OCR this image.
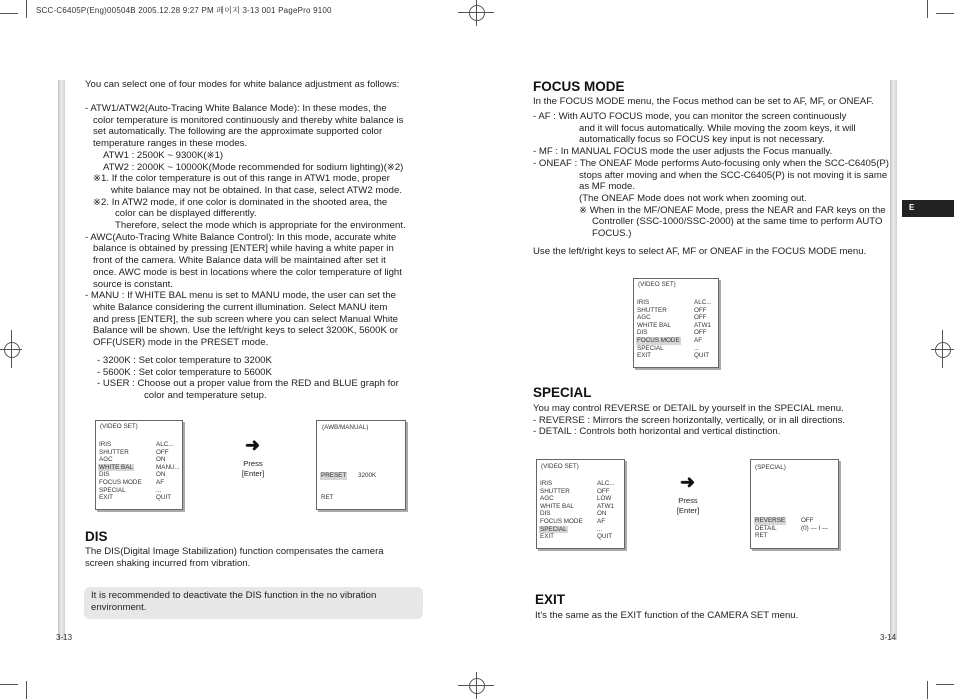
SCC-C6405P(Eng)00504B 2005.12.28 9:27 PM 페이지 3-13 001 PagePro 9100
E
You can select one of four modes for white balance adjustment as follows:
- ATW1/ATW2(Auto-Tracing White Balance Mode): In these modes, the
color temperature is monitored continuously and thereby white balance is
set automatically. The following are the approximate supported color
temperature ranges in these modes.
ATW1 : 2500K ~ 9300K(※1)
ATW2 : 2000K ~ 10000K(Mode recommended for sodium lighting)(※2)
※1. If the color temperature is out of this range in ATW1 mode, proper
white balance may not be obtained. In that case, select ATW2 mode.
※2. In ATW2 mode, if one color is dominated in the shooted area, the
color can be displayed differently.
Therefore, select the mode which is appropriate for the environment.
- AWC(Auto-Tracing White Balance Control): In this mode, accurate white
balance is obtained by pressing [ENTER] while having a white paper in
front of the camera. White Balance data will be maintained after set it
once. AWC mode is best in locations where the color temperature of light
source is constant.
- MANU : If WHITE BAL menu is set to MANU mode, the user can set the
white Balance considering the current illumination. Select MANU item
and press [ENTER], the sub screen where you can select Manual White
Balance will be shown. Use the left/right keys to select 3200K, 5600K or
OFF(USER) mode in the PRESET mode.
- 3200K : Set color temperature to 3200K
- 5600K : Set color temperature to 5600K
- USER : Choose out a proper value from the RED and BLUE graph for
color and temperature setup.
(VIDEO SET)
IRIS	ALC...
SHUTTER	OFF
AGC	ON
WHITE BAL	MANU...
DIS	ON
FOCUS MODE AF
SPECIAL	...
EXIT	QUIT
➜
Press
[Enter]
(AWB/MANUAL)
PRESET 3200K
RET
DIS
The DIS(Digital Image Stabilization) function compensates the camera
screen shaking incurred from vibration.
It is recommended to deactivate the DIS function in the no vibration
environment.
3-13
FOCUS MODE
In the FOCUS MODE menu, the Focus method can be set to AF, MF, or ONEAF.
- AF : With AUTO FOCUS mode, you can monitor the screen continuously
and it will focus automatically. While moving the zoom keys, it will
automatically focus so FOCUS key input is not necessary.
- MF : In MANUAL FOCUS mode the user adjusts the Focus manually.
- ONEAF : The ONEAF Mode performs Auto-focusing only when the SCC-C6405(P)
stops after moving and when the SCC-C6405(P) is not moving it is same
as MF mode.
(The ONEAF Mode does not work when zooming out.
※ When in the MF/ONEAF Mode, press the NEAR and FAR keys on the
Controller (SSC-1000/SSC-2000) at the same time to perform AUTO
FOCUS.)
Use the left/right keys to select AF, MF or ONEAF in the FOCUS MODE menu.
(VIDEO SET)
IRIS	ALC...
SHUTTER	OFF
AGC	OFF
WHITE BAL	ATW1
DIS	OFF
FOCUS MODE AF
SPECIAL	...
EXIT	QUIT
SPECIAL
You may control REVERSE or DETAIL by yourself in the SPECIAL menu.
- REVERSE : Mirrors the screen horizontally, vertically, or in all directions.
- DETAIL : Controls both horizontal and vertical distinction.
(VIDEO SET)
IRIS	ALC...
SHUTTER	OFF
AGC	LOW
WHITE BAL	ATW1
DIS	ON
FOCUS MODE AF
SPECIAL	...
EXIT	QUIT
➜
Press
[Enter]
(SPECIAL)
REVERSE	OFF
DETAIL	(0) --- I ---
RET
EXIT
It's the same as the EXIT function of the CAMERA SET menu.
3-14
